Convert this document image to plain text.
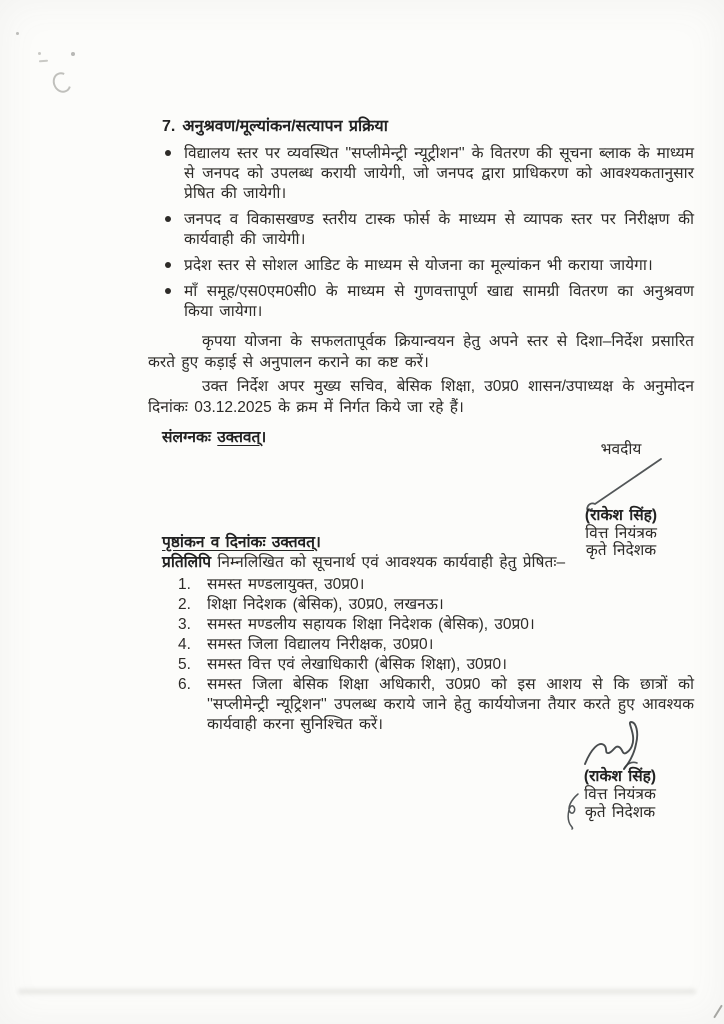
7. अनुश्रवण/मूल्यांकन/सत्यापन प्रक्रिया
विद्यालय स्तर पर व्यवस्थित ''सप्लीमेन्ट्री न्यूट्रीशन'' के वितरण की सूचना ब्लाक के माध्यम से जनपद को उपलब्ध करायी जायेगी, जो जनपद द्वारा प्राधिकरण को आवश्यकतानुसार प्रेषित की जायेगी।
जनपद व विकासखण्ड स्तरीय टास्क फोर्स के माध्यम से व्यापक स्तर पर निरीक्षण की कार्यवाही की जायेगी।
प्रदेश स्तर से सोशल आडिट के माध्यम से योजना का मूल्यांकन भी कराया जायेगा।
माँ समूह/एस0एम0सी0 के माध्यम से गुणवत्तापूर्ण खाद्य सामग्री वितरण का अनुश्रवण किया जायेगा।

कृपया योजना के सफलतापूर्वक क्रियान्वयन हेतु अपने स्तर से दिशा–निर्देश प्रसारित करते हुए कड़ाई से अनुपालन कराने का कष्ट करें।

उक्त निर्देश अपर मुख्य सचिव, बेसिक शिक्षा, उ0प्र0 शासन/उपाध्यक्ष के अनुमोदन दिनांकः 03.12.2025 के क्रम में निर्गत किये जा रहे हैं।

संलग्नकः उक्तवत्।
भवदीय
(राकेश सिंह)
वित्त नियंत्रक
कृते निदेशक
पृष्ठांकन व दिनांकः उक्तवत्।
प्रतिलिपि निम्नलिखित को सूचनार्थ एवं आवश्यक कार्यवाही हेतु प्रेषितः–
1.	समस्त मण्डलायुक्त, उ0प्र0।
2.	शिक्षा निदेशक (बेसिक), उ0प्र0, लखनऊ।
3.	समस्त मण्डलीय सहायक शिक्षा निदेशक (बेसिक), उ0प्र0।
4.	समस्त जिला विद्यालय निरीक्षक, उ0प्र0।
5.	समस्त वित्त एवं लेखाधिकारी (बेसिक शिक्षा), उ0प्र0।
6.	समस्त जिला बेसिक शिक्षा अधिकारी, उ0प्र0 को इस आशय से कि छात्रों को ''सप्लीमेन्ट्री न्यूट्रिशन'' उपलब्ध कराये जाने हेतु कार्ययोजना तैयार करते हुए आवश्यक कार्यवाही करना सुनिश्चित करें।
(राकेश सिंह)
वित्त नियंत्रक
कृते निदेशक
